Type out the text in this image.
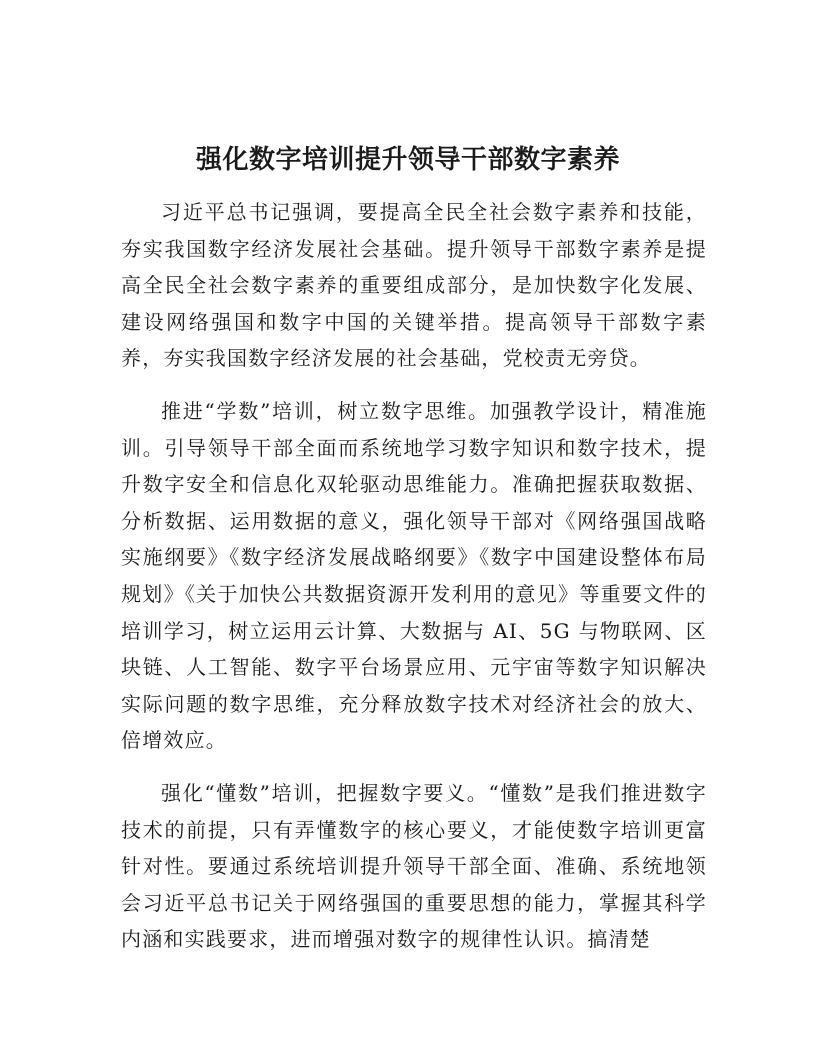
强化数字培训提升领导干部数字素养

习近平总书记强调，要提高全民全社会数字素养和技能，夯实我国数字经济发展社会基础。提升领导干部数字素养是提高全民全社会数字素养的重要组成部分，是加快数字化发展、建设网络强国和数字中国的关键举措。提高领导干部数字素养，夯实我国数字经济发展的社会基础，党校责无旁贷。

推进“学数”培训，树立数字思维。加强教学设计，精准施训。引导领导干部全面而系统地学习数字知识和数字技术，提升数字安全和信息化双轮驱动思维能力。准确把握获取数据、分析数据、运用数据的意义，强化领导干部对《网络强国战略实施纲要》《数字经济发展战略纲要》《数字中国建设整体布局规划》《关于加快公共数据资源开发利用的意见》等重要文件的培训学习，树立运用云计算、大数据与 AI、5G 与物联网、区块链、人工智能、数字平台场景应用、元宇宙等数字知识解决实际问题的数字思维，充分释放数字技术对经济社会的放大、倍增效应。

强化“懂数”培训，把握数字要义。“懂数”是我们推进数字技术的前提，只有弄懂数字的核心要义，才能使数字培训更富针对性。要通过系统培训提升领导干部全面、准确、系统地领会习近平总书记关于网络强国的重要思想的能力，掌握其科学内涵和实践要求，进而增强对数字的规律性认识。搞清楚
